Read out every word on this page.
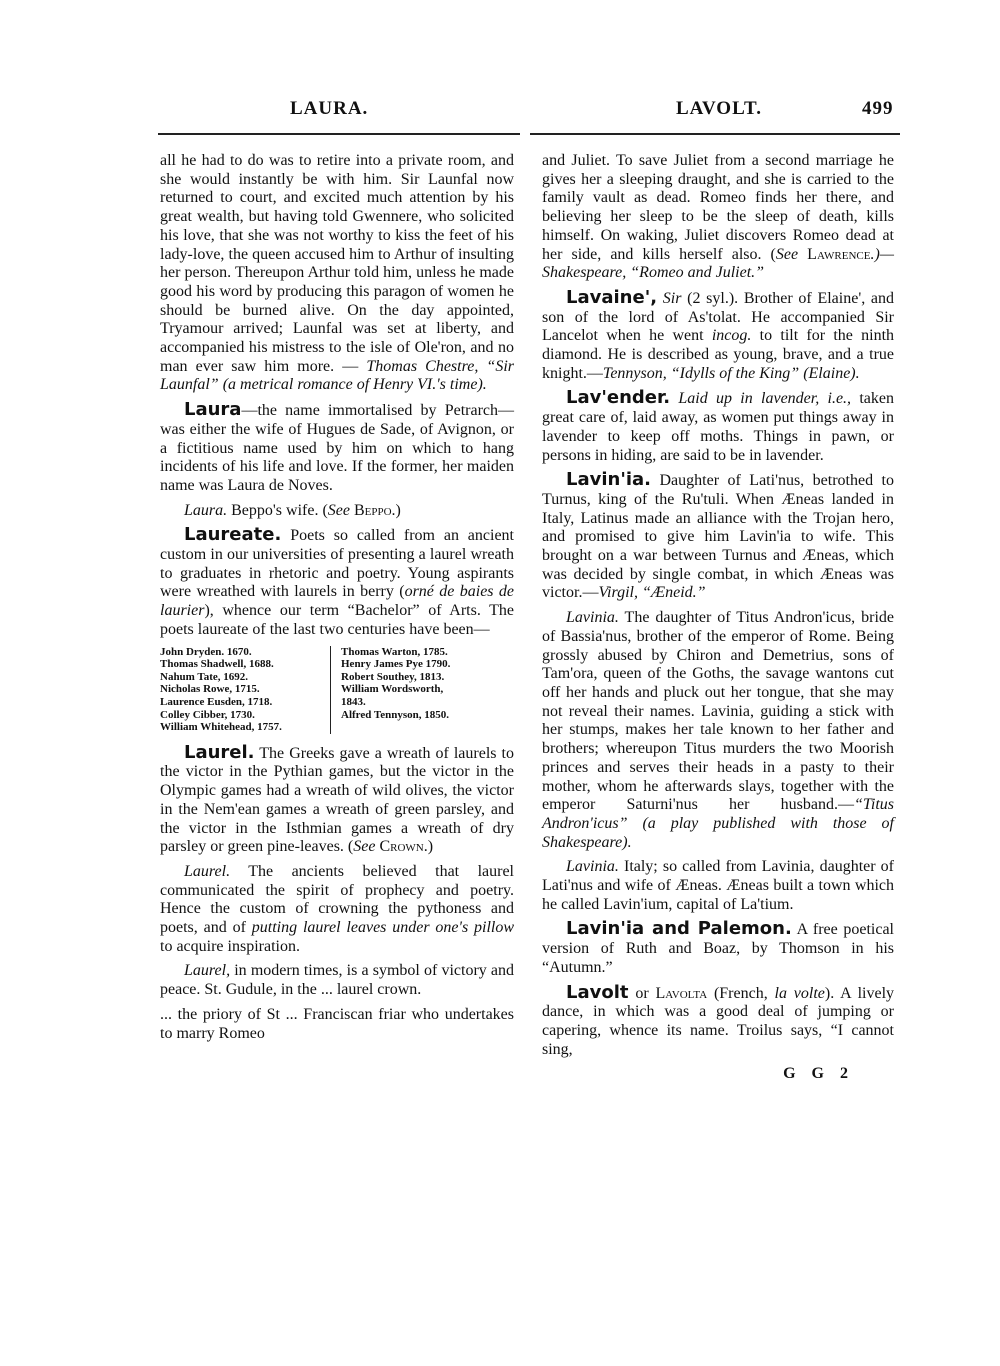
LAURA.	LAVOLT.	499

all he had to do was to retire into a private room, and she would instantly be with him. Sir Launfal now returned to court, and excited much attention by his great wealth, but having told Gwennere, who solicited his love, that she was not worthy to kiss the feet of his lady-love, the queen accused him to Arthur of insulting her person. Thereupon Arthur told him, unless he made good his word by producing this paragon of women he should be burned alive. On the day appointed, Tryamour arrived; Launfal was set at liberty, and accompanied his mistress to the isle of Ole'ron, and no man ever saw him more. — Thomas Chestre, “Sir Launfal” (a metrical romance of Henry VI.'s time).

Laura—the name immortalised by Petrarch—was either the wife of Hugues de Sade, of Avignon, or a fictitious name used by him on which to hang incidents of his life and love. If the former, her maiden name was Laura de Noves.

Laura. Beppo's wife. (See Beppo.)

Laureate. Poets so called from an ancient custom in our universities of presenting a laurel wreath to graduates in rhetoric and poetry. Young aspirants were wreathed with laurels in berry (orné de baies de laurier), whence our term “Bachelor” of Arts. The poets laureate of the last two centuries have been—

John Dryden. 1670.
Thomas Shadwell, 1688.
Nahum Tate, 1692.
Nicholas Rowe, 1715.
Laurence Eusden, 1718.
Colley Cibber, 1730.
William Whitehead, 1757.
Thomas Warton, 1785.
Henry James Pye 1790.
Robert Southey, 1813.
William Wordsworth,
1843.
Alfred Tennyson, 1850.

Laurel. The Greeks gave a wreath of laurels to the victor in the Pythian games, but the victor in the Olympic games had a wreath of wild olives, the victor in the Nem'ean games a wreath of green parsley, and the victor in the Isthmian games a wreath of dry parsley or green pine-leaves. (See Crown.)

Laurel. The ancients believed that laurel communicated the spirit of prophecy and poetry. Hence the custom of crowning the pythoness and poets, and of putting laurel leaves under one's pillow to acquire inspiration.

Laurel, in modern times, is a symbol of victory and peace. St. Gudule, in the ... laurel crown.

... the priory of St ... Franciscan friar who undertakes to marry Romeo

and Juliet. To save Juliet from a second marriage he gives her a sleeping draught, and she is carried to the family vault as dead. Romeo finds her there, and believing her sleep to be the sleep of death, kills himself. On waking, Juliet discovers Romeo dead at her side, and kills herself also. (See Lawrence.)—Shakespeare, “Romeo and Juliet.”

Lavaine', Sir (2 syl.). Brother of Elaine', and son of the lord of As'tolat. He accompanied Sir Lancelot when he went incog. to tilt for the ninth diamond. He is described as young, brave, and a true knight.—Tennyson, “Idylls of the King” (Elaine).

Lav'ender. Laid up in lavender, i.e., taken great care of, laid away, as women put things away in lavender to keep off moths. Things in pawn, or persons in hiding, are said to be in lavender.

Lavin'ia. Daughter of Lati'nus, betrothed to Turnus, king of the Ru'tuli. When Æneas landed in Italy, Latinus made an alliance with the Trojan hero, and promised to give him Lavin'ia to wife. This brought on a war between Turnus and Æneas, which was decided by single combat, in which Æneas was victor.—Virgil, “Æneid.”

Lavinia. The daughter of Titus Andron'icus, bride of Bassia'nus, brother of the emperor of Rome. Being grossly abused by Chiron and Demetrius, sons of Tam'ora, queen of the Goths, the savage wantons cut off her hands and pluck out her tongue, that she may not reveal their names. Lavinia, guiding a stick with her stumps, makes her tale known to her father and brothers; whereupon Titus murders the two Moorish princes and serves their heads in a pasty to their mother, whom he afterwards slays, together with the emperor Saturni'nus her husband.—“Titus Andron'icus” (a play published with those of Shakespeare).

Lavinia. Italy; so called from Lavinia, daughter of Lati'nus and wife of Æneas. Æneas built a town which he called Lavin'ium, capital of La'tium.

Lavin'ia and Palemon. A free poetical version of Ruth and Boaz, by Thomson in his “Autumn.”

Lavolt or Lavolta (French, la volte). A lively dance, in which was a good deal of jumping or capering, whence its name. Troilus says, “I cannot sing,

G G 2
